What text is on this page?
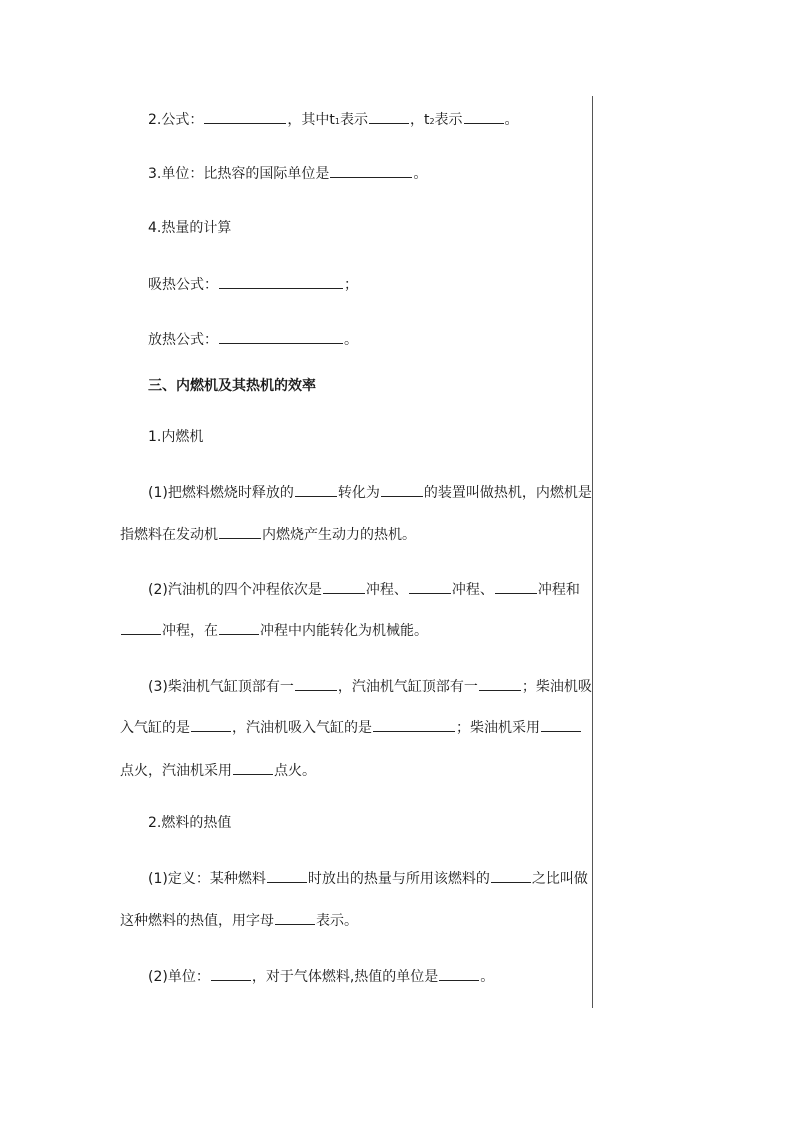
2.公式：	，其中t1表示	，t2表示	。
3.单位：比热容的国际单位是	。
4.热量的计算
吸热公式：	；
放热公式：	。
三、内燃机及其热机的效率
1.内燃机
(1)把燃料燃烧时释放的	转化为	的装置叫做热机，内燃机是
指燃料在发动机	内燃烧产生动力的热机。
(2)汽油机的四个冲程依次是	冲程、	冲程、	冲程和
冲程，在	冲程中内能转化为机械能。
(3)柴油机气缸顶部有一	，汽油机气缸顶部有一	；柴油机吸
入气缸的是	，汽油机吸入气缸的是	；柴油机采用
点火，汽油机采用	点火。
2.燃料的热值
(1)定义：某种燃料	时放出的热量与所用该燃料的	之比叫做
这种燃料的热值，用字母	表示。
(2)单位：	，对于气体燃料,热值的单位是	。
